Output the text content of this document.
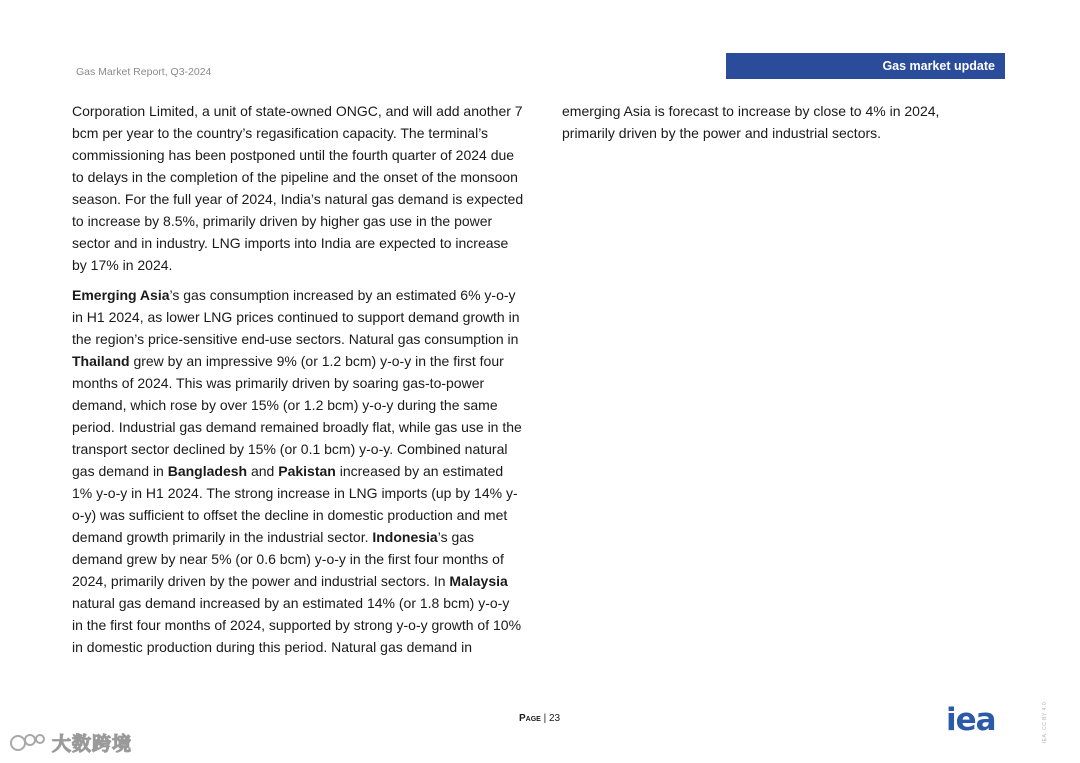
Gas Market Report, Q3-2024	Gas market update

Corporation Limited, a unit of state-owned ONGC, and will add another 7 bcm per year to the country’s regasification capacity. The terminal’s commissioning has been postponed until the fourth quarter of 2024 due to delays in the completion of the pipeline and the onset of the monsoon season. For the full year of 2024, India’s natural gas demand is expected to increase by 8.5%, primarily driven by higher gas use in the power sector and in industry. LNG imports into India are expected to increase by 17% in 2024.

Emerging Asia’s gas consumption increased by an estimated 6% y-o-y in H1 2024, as lower LNG prices continued to support demand growth in the region’s price-sensitive end-use sectors. Natural gas consumption in Thailand grew by an impressive 9% (or 1.2 bcm) y-o-y in the first four months of 2024. This was primarily driven by soaring gas-to-power demand, which rose by over 15% (or 1.2 bcm) y-o-y during the same period. Industrial gas demand remained broadly flat, while gas use in the transport sector declined by 15% (or 0.1 bcm) y-o-y. Combined natural gas demand in Bangladesh and Pakistan increased by an estimated 1% y-o-y in H1 2024. The strong increase in LNG imports (up by 14% y-o-y) was sufficient to offset the decline in domestic production and met demand growth primarily in the industrial sector. Indonesia’s gas demand grew by near 5% (or 0.6 bcm) y-o-y in the first four months of 2024, primarily driven by the power and industrial sectors. In Malaysia natural gas demand increased by an estimated 14% (or 1.8 bcm) y-o-y in the first four months of 2024, supported by strong y-o-y growth of 10% in domestic production during this period. Natural gas demand in

emerging Asia is forecast to increase by close to 4% in 2024, primarily driven by the power and industrial sectors.

Page | 23	iea	IEA. CC BY 4.0.
大数跨境
